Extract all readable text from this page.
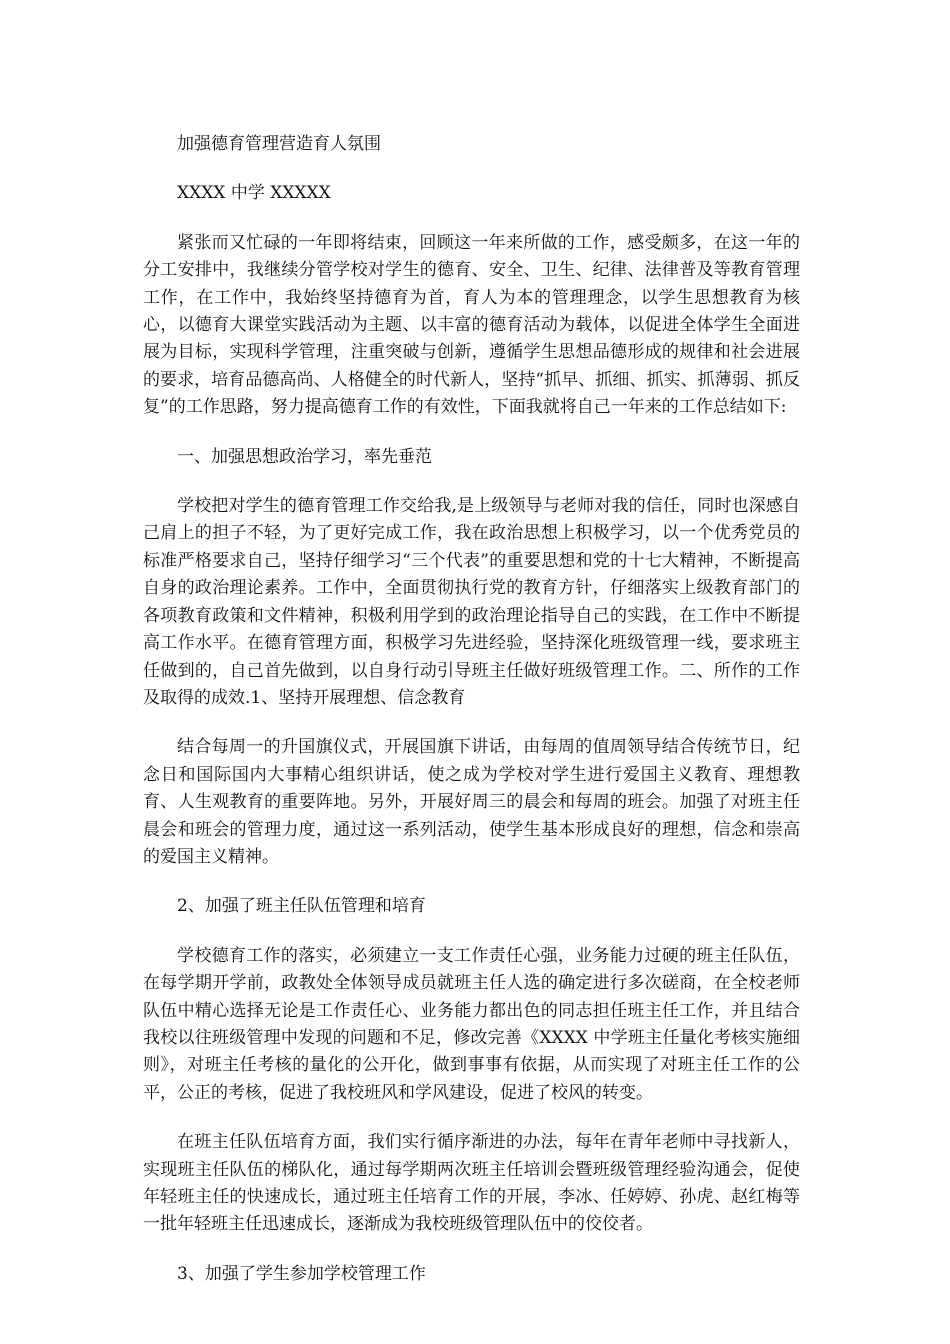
加强德育管理营造育人氛围

XXXX 中学 XXXXX

紧张而又忙碌的一年即将结束，回顾这一年来所做的工作，感受颇多，在这一年的分工安排中，我继续分管学校对学生的德育、安全、卫生、纪律、法律普及等教育管理工作，在工作中，我始终坚持德育为首，育人为本的管理理念，以学生思想教育为核心，以德育大课堂实践活动为主题、以丰富的德育活动为载体，以促进全体学生全面进展为目标，实现科学管理，注重突破与创新，遵循学生思想品德形成的规律和社会进展的要求，培育品德高尚、人格健全的时代新人，坚持“抓早、抓细、抓实、抓薄弱、抓反复”的工作思路，努力提高德育工作的有效性，下面我就将自己一年来的工作总结如下:

一、加强思想政治学习，率先垂范

学校把对学生的德育管理工作交给我,是上级领导与老师对我的信任，同时也深感自己肩上的担子不轻，为了更好完成工作，我在政治思想上积极学习，以一个优秀党员的标准严格要求自己，坚持仔细学习“三个代表”的重要思想和党的十七大精神，不断提高自身的政治理论素养。工作中，全面贯彻执行党的教育方针，仔细落实上级教育部门的各项教育政策和文件精神，积极利用学到的政治理论指导自己的实践，在工作中不断提高工作水平。在德育管理方面，积极学习先进经验，坚持深化班级管理一线，要求班主任做到的，自己首先做到，以自身行动引导班主任做好班级管理工作。二、所作的工作及取得的成效.1、坚持开展理想、信念教育

结合每周一的升国旗仪式，开展国旗下讲话，由每周的值周领导结合传统节日，纪念日和国际国内大事精心组织讲话，使之成为学校对学生进行爱国主义教育、理想教育、人生观教育的重要阵地。另外，开展好周三的晨会和每周的班会。加强了对班主任晨会和班会的管理力度，通过这一系列活动，使学生基本形成良好的理想，信念和崇高的爱国主义精神。

2、加强了班主任队伍管理和培育

学校德育工作的落实，必须建立一支工作责任心强，业务能力过硬的班主任队伍，在每学期开学前，政教处全体领导成员就班主任人选的确定进行多次磋商，在全校老师队伍中精心选择无论是工作责任心、业务能力都出色的同志担任班主任工作，并且结合我校以往班级管理中发现的问题和不足，修改完善《XXXX 中学班主任量化考核实施细则》，对班主任考核的量化的公开化，做到事事有依据，从而实现了对班主任工作的公平，公正的考核，促进了我校班风和学风建设，促进了校风的转变。

在班主任队伍培育方面，我们实行循序渐进的办法，每年在青年老师中寻找新人，实现班主任队伍的梯队化，通过每学期两次班主任培训会暨班级管理经验沟通会，促使年轻班主任的快速成长，通过班主任培育工作的开展，李冰、任婷婷、孙虎、赵红梅等一批年轻班主任迅速成长，逐渐成为我校班级管理队伍中的佼佼者。

3、加强了学生参加学校管理工作
